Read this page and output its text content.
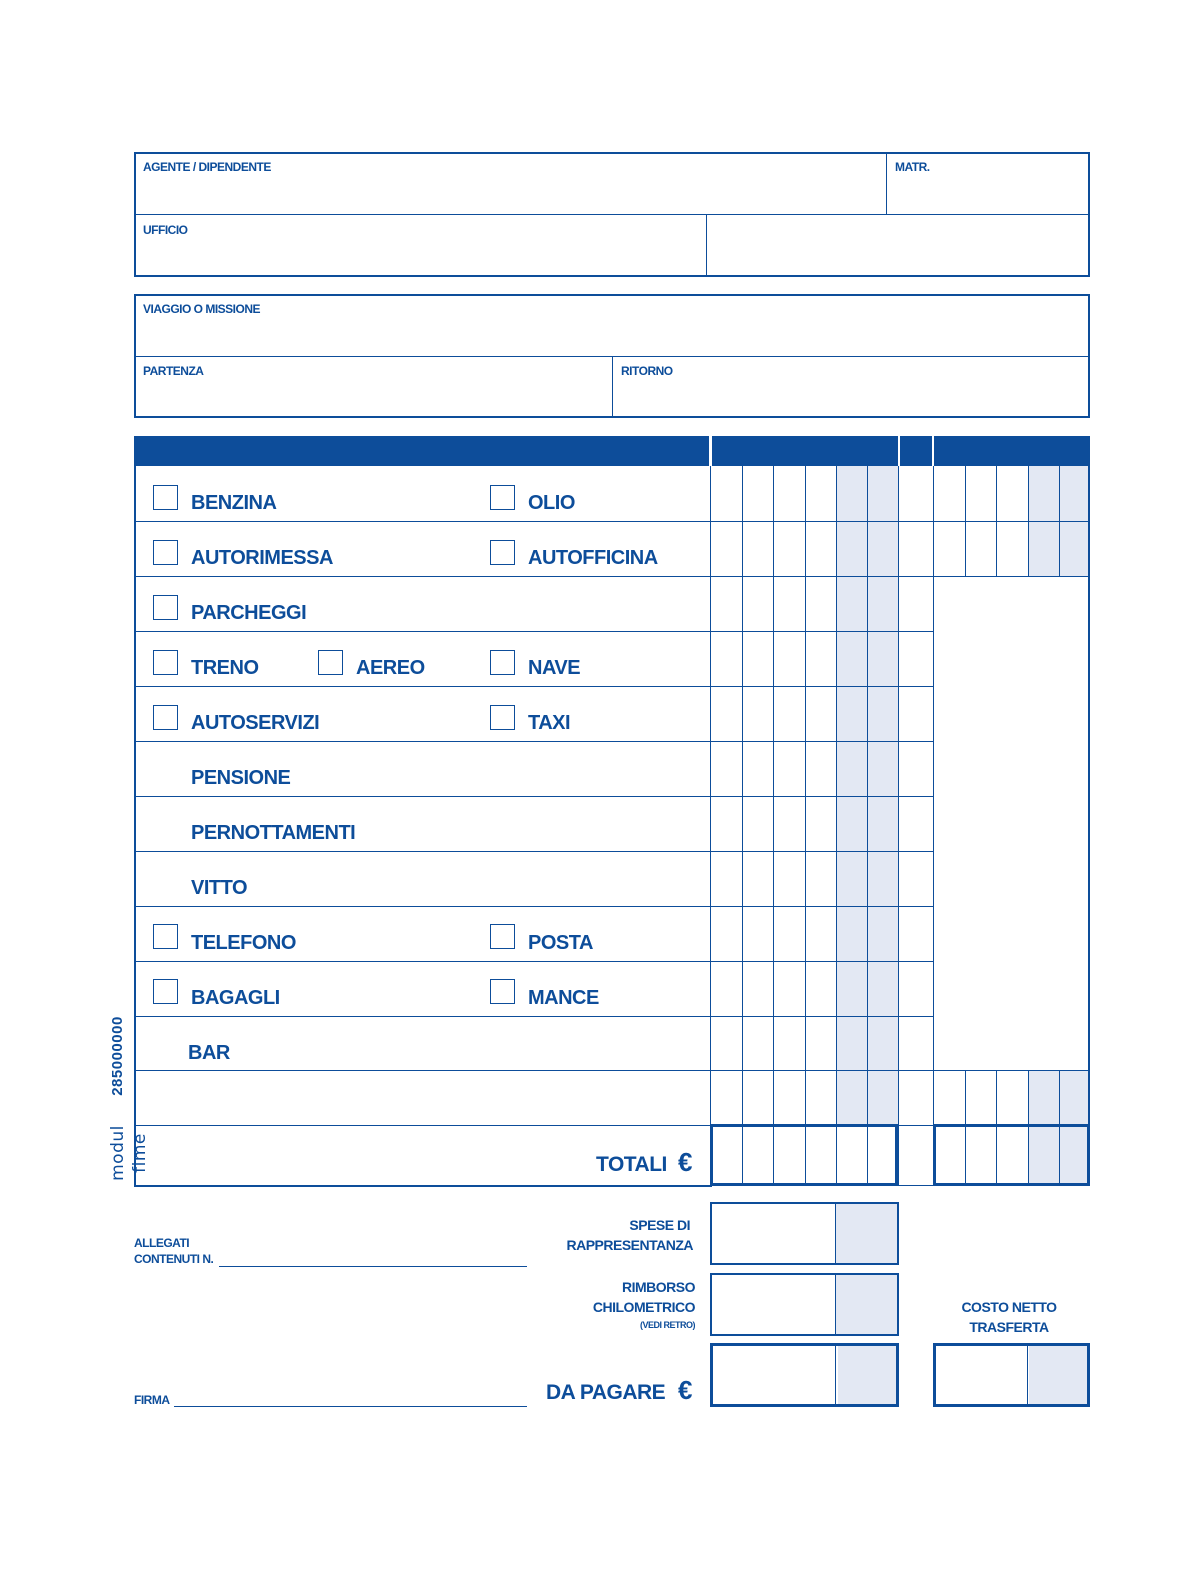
AGENTE / DIPENDENTE	MATR.
UFFICIO
VIAGGIO O MISSIONE
PARTENZA	RITORNO
DESCRIZIONE SPESE	IMPORTI	✔ IVA DETRAIBILE
BENZINA	OLIO
AUTORIMESSA	AUTOFFICINA
PARCHEGGI
TRENO	AEREO	NAVE
AUTOSERVIZI	TAXI
PENSIONE
PERNOTTAMENTI
VITTO
TELEFONO	POSTA
BAGAGLI	MANCE
BAR
TOTALI €
ALLEGATI
CONTENUTI N.
FIRMA
SPESE DI
RAPPRESENTANZA
RIMBORSO
CHILOMETRICO
(VEDI RETRO)
DA PAGARE €
COSTO NETTO
TRASFERTA
285000000
modul fime
